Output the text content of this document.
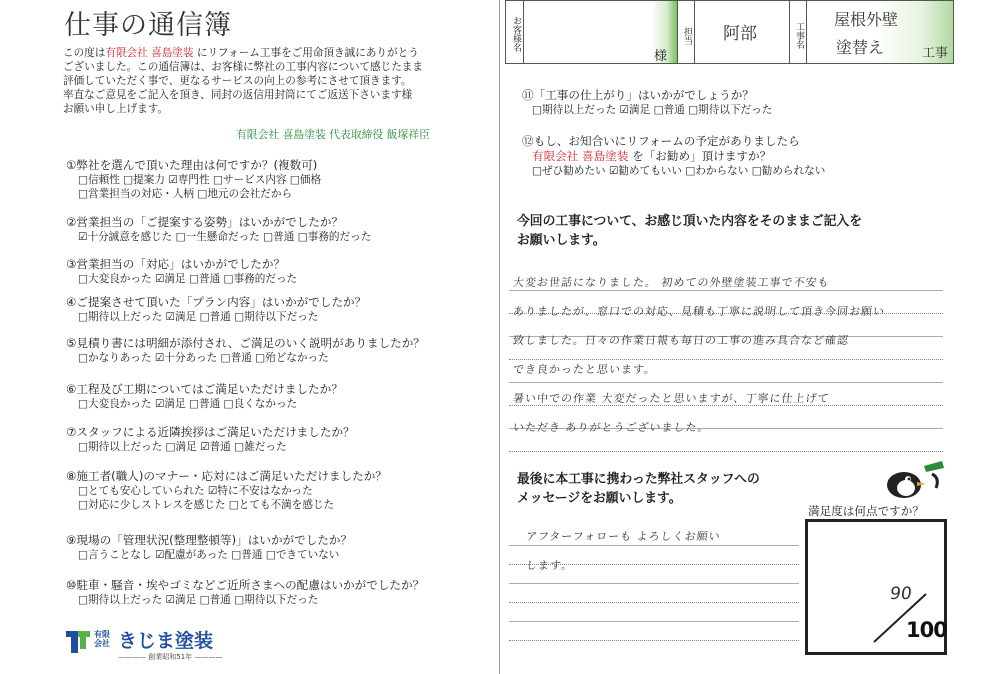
仕事の通信簿
この度は有限会社 喜島塗装 にリフォーム工事をご用命頂き誠にありがとう
ございました。この通信簿は、お客様に弊社の工事内容について感じたまま
評価していただく事で、更なるサービスの向上の参考にさせて頂きます。
率直なご意見をご記入を頂き、同封の返信用封筒にてご返送下さいます様
お願い申し上げます。
有限会社 喜島塗装 代表取締役 飯塚祥臣
①弊社を選んで頂いた理由は何ですか？(複数可)
□信頼性 □提案力 ☑専門性 □サービス内容 □価格
□営業担当の対応・人柄 □地元の会社だから
②営業担当の「ご提案する姿勢」はいかがでしたか？
☑十分誠意を感じた □一生懸命だった □普通 □事務的だった
③営業担当の「対応」はいかがでしたか？
□大変良かった ☑満足 □普通 □事務的だった
④ご提案させて頂いた「プラン内容」はいかがでしたか？
□期待以上だった ☑満足 □普通 □期待以下だった
⑤見積り書には明細が添付され、ご満足のいく説明がありましたか？
□かなりあった ☑十分あった □普通 □殆どなかった
⑥工程及び工期についてはご満足いただけましたか？
□大変良かった ☑満足 □普通 □良くなかった
⑦スタッフによる近隣挨拶はご満足いただけましたか？
□期待以上だった □満足 ☑普通 □雑だった
⑧施工者(職人)のマナー・応対にはご満足いただけましたか？
□とても安心していられた ☑特に不安はなかった
□対応に少しストレスを感じた □とても不満を感じた
⑨現場の「管理状況(整理整頓等)」はいかがでしたか？
□言うことなし ☑配慮があった □普通 □できていない
⑩駐車・騒音・埃やゴミなどご近所さまへの配慮はいかがでしたか？
□期待以上だった ☑満足 □普通 □期待以下だった
有限
会社 きじま塗装
———— 創業昭和51年 ————
お客様名
様
担当 阿部	工事名
屋根外壁
塗替え	工事
⑪「工事の仕上がり」はいかがでしょうか？
□期待以上だった ☑満足 □普通 □期待以下だった
⑫もし、お知合いにリフォームの予定がありましたら
有限会社 喜島塗装 を「お勧め」頂けますか？
□ぜひ勧めたい ☑勧めてもいい □わからない □勧められない
今回の工事について、お感じ頂いた内容をそのままご記入を
お願いします。
大変お世話になりました。 初めての外壁塗装工事で不安も
ありましたが、窓口での対応、見積も丁寧に説明して頂き今回お願い
致しました。日々の作業日報も毎日の工事の進み具合など確認
でき良かったと思います。
暑い中での作業 大変だったと思いますが、丁寧に仕上げて
いただき ありがとうございました。
最後に本工事に携わった弊社スタッフへの
メッセージをお願いします。
満足度は何点ですか？
アフターフォローも よろしくお願い
します。
90
100
